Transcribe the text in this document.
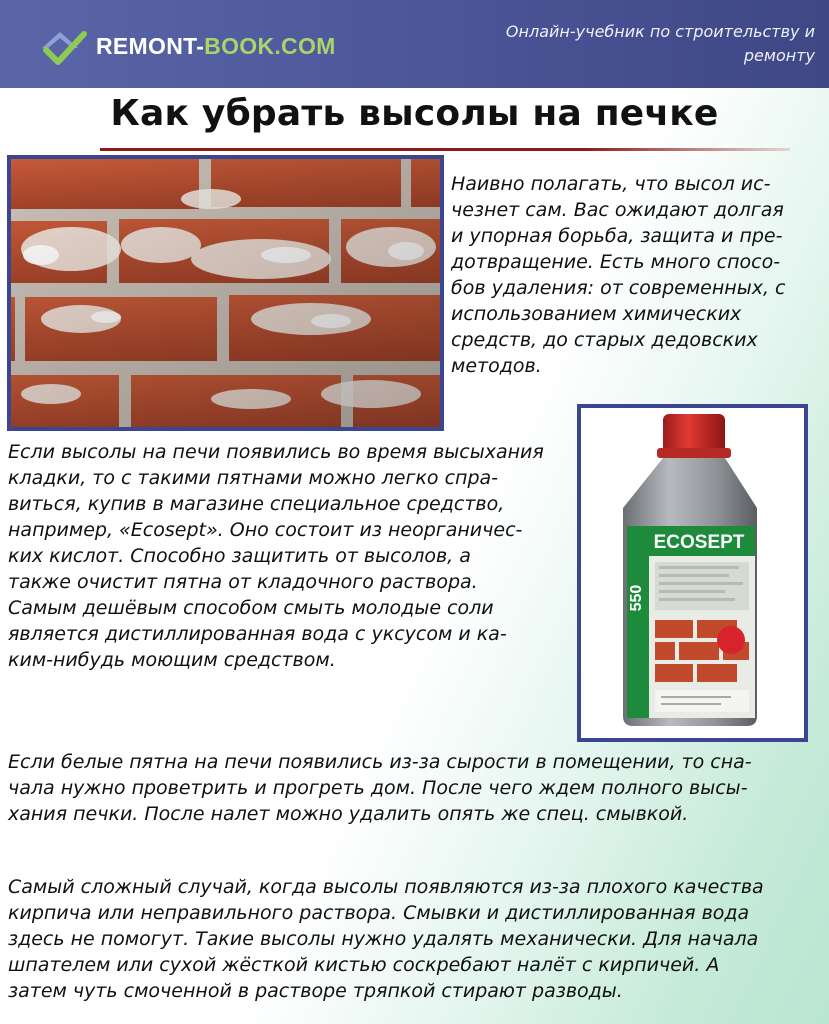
REMONT-BOOK.COM
Онлайн-учебник по строительству и
ремонту
Как убрать высолы на печке

Наивно полагать, что высол ис-
чезнет сам. Вас ожидают долгая
и упорная борьба, защита и пре-
дотвращение. Есть много спосо-
бов удаления: от современных, с
использованием химических
средств, до старых дедовских
методов.

ECOSEPT
550

Если высолы на печи появились во время высыхания
кладки, то с такими пятнами можно легко спра-
виться, купив в магазине специальное средство,
например, «Ecosept». Оно состоит из неорганичес-
ких кислот. Способно защитить от высолов, а
также очистит пятна от кладочного раствора.
Самым дешёвым способом смыть молодые соли
является дистиллированная вода с уксусом и ка-
ким-нибудь моющим средством.

Если белые пятна на печи появились из-за сырости в помещении, то сна-
чала нужно проветрить и прогреть дом. После чего ждем полного высы-
хания печки. После налет можно удалить опять же спец. смывкой.

Самый сложный случай, когда высолы появляются из-за плохого качества
кирпича или неправильного раствора. Смывки и дистиллированная вода
здесь не помогут. Такие высолы нужно удалять механически. Для начала
шпателем или сухой жёсткой кистью соскребают налёт с кирпичей. А
затем чуть смоченной в растворе тряпкой стирают разводы.
